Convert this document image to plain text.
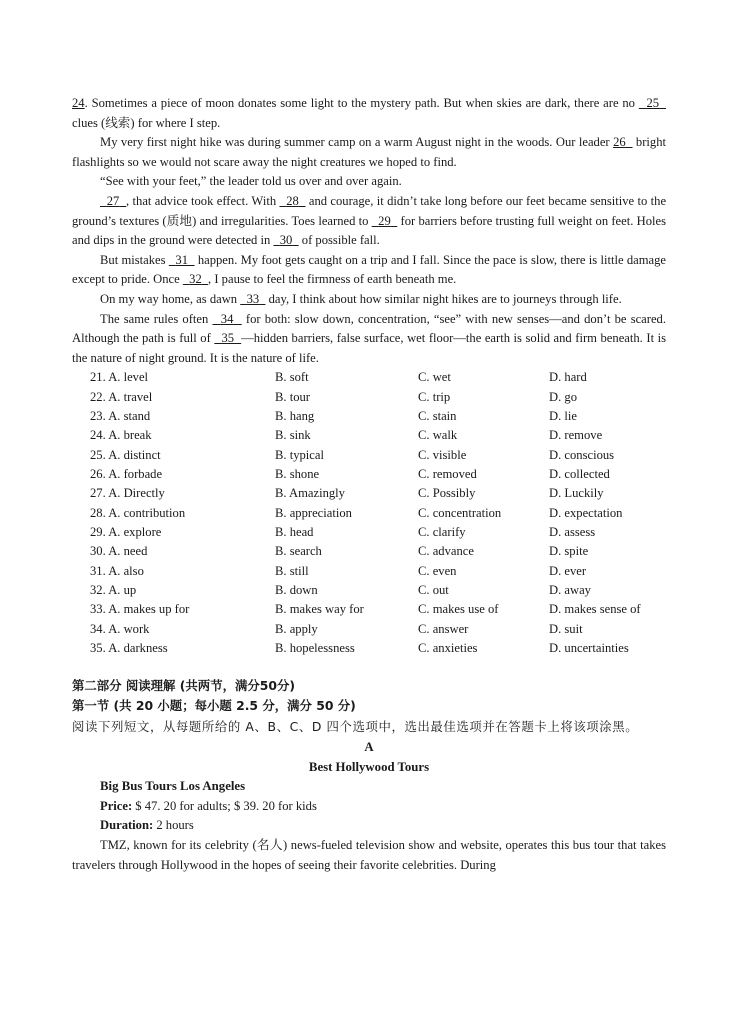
24. Sometimes a piece of moon donates some light to the mystery path. But when skies are dark, there are no   25   clues (线索) for where I step.

My very first night hike was during summer camp on a warm August night in the woods. Our leader 26   bright flashlights so we would not scare away the night creatures we hoped to find.

“See with your feet,” the leader told us over and over again.

27 , that advice took effect. With   28   and courage, it didn’t take long before our feet became sensitive to the ground’s textures (质地) and irregularities. Toes learned to   29   for barriers before trusting full weight on feet. Holes and dips in the ground were detected in   30   of possible fall.

But mistakes   31   happen. My foot gets caught on a trip and I fall. Since the pace is slow, there is little damage except to pride. Once   32 , I pause to feel the firmness of earth beneath me.

On my way home, as dawn   33   day, I think about how similar night hikes are to journeys through life.

The same rules often   34   for both: slow down, concentration, “see” with new senses—and don’t be scared. Although the path is full of   35 —hidden barriers, false surface, wet floor—the earth is solid and firm beneath. It is the nature of night ground. It is the nature of life.

21. A. level	B. soft	C. wet	D. hard
22. A. travel	B. tour	C. trip	D. go
23. A. stand	B. hang	C. stain	D. lie
24. A. break	B. sink	C. walk	D. remove
25. A. distinct	B. typical	C. visible	D. conscious
26. A. forbade	B. shone	C. removed	D. collected
27. A. Directly	B. Amazingly	C. Possibly	D. Luckily
28. A. contribution	B. appreciation	C. concentration	D. expectation
29. A. explore	B. head	C. clarify	D. assess
30. A. need	B. search	C. advance	D. spite
31. A. also	B. still	C. even	D. ever
32. A. up	B. down	C. out	D. away
33. A. makes up for	B. makes way for	C. makes use of	D. makes sense of
34. A. work	B. apply	C. answer	D. suit
35. A. darkness	B. hopelessness	C. anxieties	D. uncertainties

第二部分 阅读理解 (共两节，满分50分)

第一节 (共 20 小题；每小题 2.5 分，满分 50 分)

阅读下列短文，从每题所给的 A、B、C、D 四个选项中，选出最佳选项并在答题卡上将该项涂黑。

A

Best Hollywood Tours

Big Bus Tours Los Angeles

Price: $ 47. 20 for adults; $ 39. 20 for kids

Duration: 2 hours

TMZ, known for its celebrity (名人) news-fueled television show and website, operates this bus tour that takes travelers through Hollywood in the hopes of seeing their favorite celebrities. During
